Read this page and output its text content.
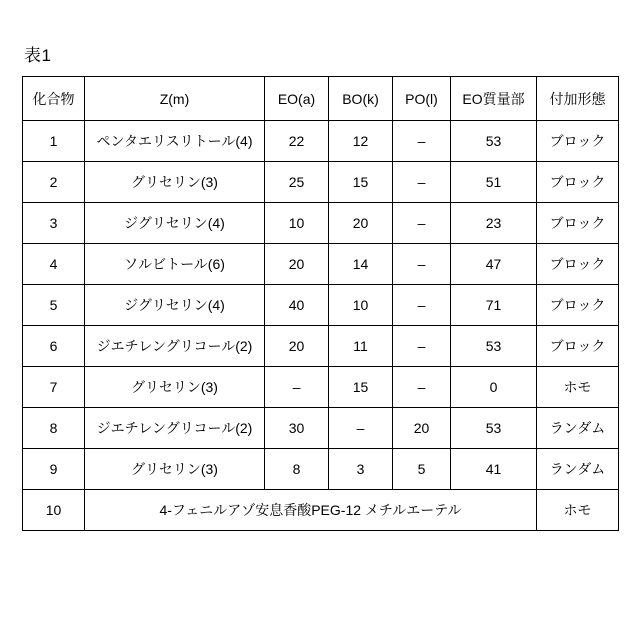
表1
化合物	Z(m)	EO(a)	BO(k)	PO(l)	EO質量部	付加形態
1	ペンタエリスリトール(4)	22	12	–	53	ブロック
2	グリセリン(3)	25	15	–	51	ブロック
3	ジグリセリン(4)	10	20	–	23	ブロック
4	ソルビトール(6)	20	14	–	47	ブロック
5	ジグリセリン(4)	40	10	–	71	ブロック
6	ジエチレングリコール(2)	20	11	–	53	ブロック
7	グリセリン(3)	–	15	–	0	ホモ
8	ジエチレングリコール(2)	30	–	20	53	ランダム
9	グリセリン(3)	8	3	5	41	ランダム
10	4-フェニルアゾ安息香酸PEG-12 メチルエーテル					ホモ
